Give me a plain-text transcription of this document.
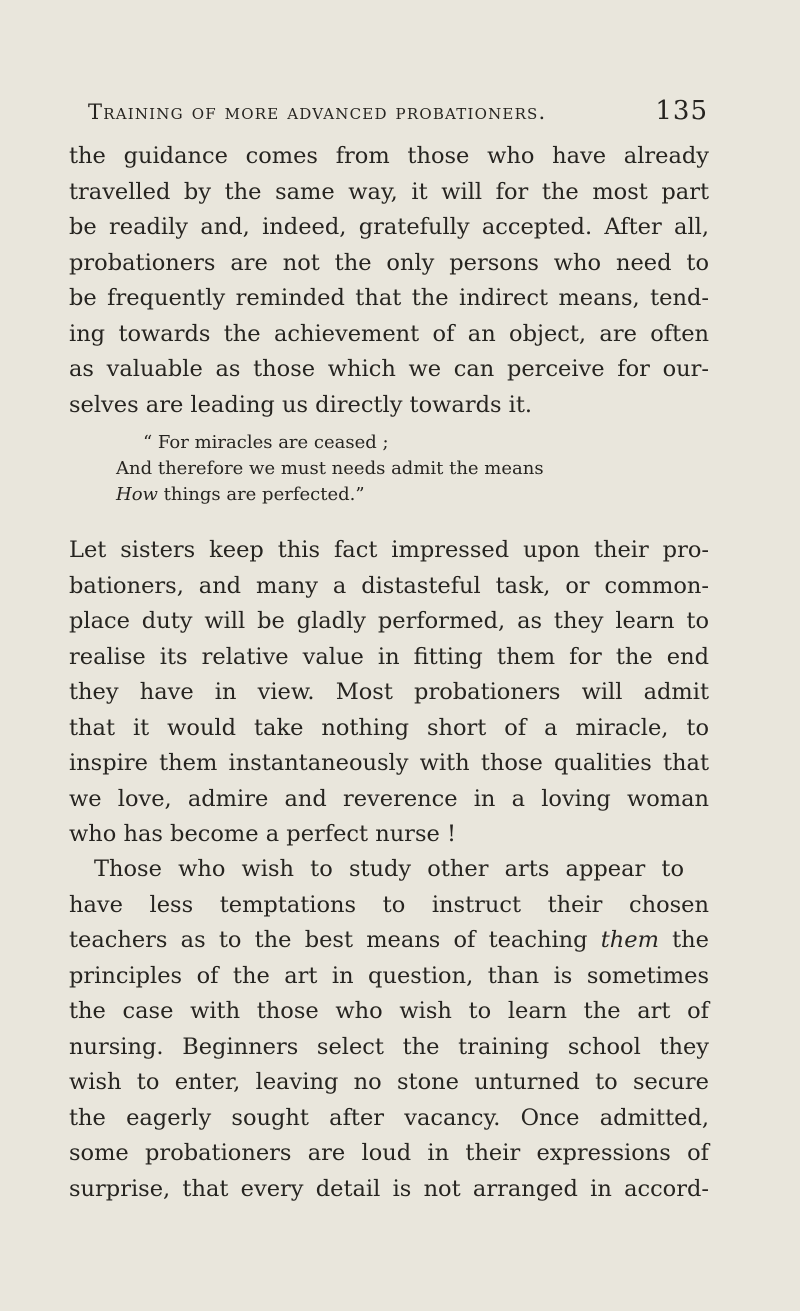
Training of more advanced probationers.	135

the guidance comes from those who have already
travelled by the same way, it will for the most part
be readily and, indeed, gratefully accepted. After all,
probationers are not the only persons who need to
be frequently reminded that the indirect means, tend-
ing towards the achievement of an object, are often
as valuable as those which we can perceive for our-
selves are leading us directly towards it.

“ For miracles are ceased ;
And therefore we must needs admit the means
How things are perfected.”

Let sisters keep this fact impressed upon their pro-
bationers, and many a distasteful task, or common-
place duty will be gladly performed, as they learn to
realise its relative value in fitting them for the end
they have in view. Most probationers will admit
that it would take nothing short of a miracle, to
inspire them instantaneously with those qualities that
we love, admire and reverence in a loving woman
who has become a perfect nurse !

Those who wish to study other arts appear to
have less temptations to instruct their chosen
teachers as to the best means of teaching them the
principles of the art in question, than is sometimes
the case with those who wish to learn the art of
nursing. Beginners select the training school they
wish to enter, leaving no stone unturned to secure
the eagerly sought after vacancy. Once admitted,
some probationers are loud in their expressions of
surprise, that every detail is not arranged in accord-
